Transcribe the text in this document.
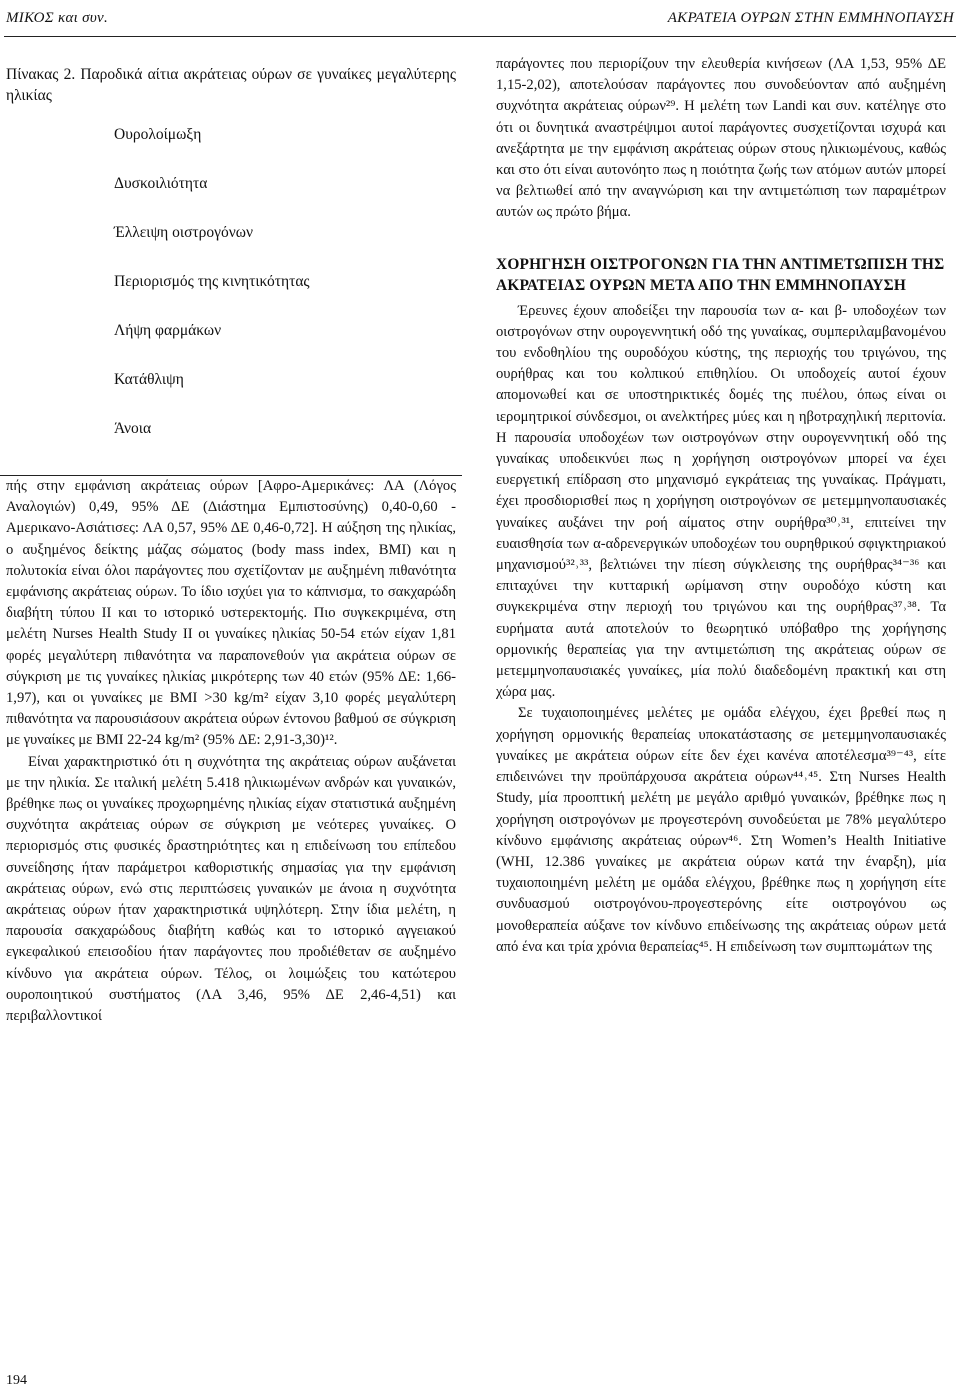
ΜΙΚΟΣ και συν.	ΑΚΡΑΤΕΙΑ ΟΥΡΩΝ ΣΤΗΝ ΕΜΜΗΝΟΠΑΥΣΗ
Πίνακας 2. Παροδικά αίτια ακράτειας ούρων σε γυναίκες μεγαλύτερης ηλικίας
Ουρολοίμωξη
Δυσκοιλιότητα
Έλλειψη οιστρογόνων
Περιορισμός της κινητικότητας
Λήψη φαρμάκων
Κατάθλιψη
Άνοια

πής στην εμφάνιση ακράτειας ούρων [Αφρο-Αμερικάνες: ΛΑ (Λόγος Αναλογιών) 0,49, 95% ΔΕ (Διάστημα Εμπιστοσύνης) 0,40-0,60 - Αμερικανο-Ασιάτισες: ΛΑ 0,57, 95% ΔΕ 0,46-0,72]. Η αύξηση της ηλικίας, ο αυξημένος δείκτης μάζας σώματος (body mass index, BMI) και η πολυτοκία είναι όλοι παράγοντες που σχετίζονταν με αυξημένη πιθανότητα εμφάνισης ακράτειας ούρων. Το ίδιο ισχύει για το κάπνισμα, το σακχαρώδη διαβήτη τύπου ΙΙ και το ιστορικό υστερεκτομής. Πιο συγκεκριμένα, στη μελέτη Nurses Health Study II οι γυναίκες ηλικίας 50-54 ετών είχαν 1,81 φορές μεγαλύτερη πιθανότητα να παραπονεθούν για ακράτεια ούρων σε σύγκριση με τις γυναίκες ηλικίας μικρότερης των 40 ετών (95% ΔΕ: 1,66-1,97), και οι γυναίκες με BMI >30 kg/m² είχαν 3,10 φορές μεγαλύτερη πιθανότητα να παρουσιάσουν ακράτεια ούρων έντονου βαθμού σε σύγκριση με γυναίκες με BMI 22-24 kg/m² (95% ΔΕ: 2,91-3,30)¹².

Είναι χαρακτηριστικό ότι η συχνότητα της ακράτειας ούρων αυξάνεται με την ηλικία. Σε ιταλική μελέτη 5.418 ηλικιωμένων ανδρών και γυναικών, βρέθηκε πως οι γυναίκες προχωρημένης ηλικίας είχαν στατιστικά αυξημένη συχνότητα ακράτειας ούρων σε σύγκριση με νεότερες γυναίκες. Ο περιορισμός στις φυσικές δραστηριότητες και η επιδείνωση του επίπεδου συνείδησης ήταν παράμετροι καθοριστικής σημασίας για την εμφάνιση ακράτειας ούρων, ενώ στις περιπτώσεις γυναικών με άνοια η συχνότητα ακράτειας ούρων ήταν χαρακτηριστικά υψηλότερη. Στην ίδια μελέτη, η παρουσία σακχαρώδους διαβήτη καθώς και το ιστορικό αγγειακού εγκεφαλικού επεισοδίου ήταν παράγοντες που προδιέθεταν σε αυξημένο κίνδυνο για ακράτεια ούρων. Τέλος, οι λοιμώξεις του κατώτερου ουροποιητικού συστήματος (ΛΑ 3,46, 95% ΔΕ 2,46-4,51) και περιβαλλοντικοί

παράγοντες που περιορίζουν την ελευθερία κινήσεων (ΛΑ 1,53, 95% ΔΕ 1,15-2,02), αποτελούσαν παράγοντες που συνοδεύονταν από αυξημένη συχνότητα ακράτειας ούρων²⁹. Η μελέτη των Landi και συν. κατέληγε στο ότι οι δυνητικά αναστρέψιμοι αυτοί παράγοντες συσχετίζονται ισχυρά και ανεξάρτητα με την εμφάνιση ακράτειας ούρων στους ηλικιωμένους, καθώς και στο ότι είναι αυτονόητο πως η ποιότητα ζωής των ατόμων αυτών μπορεί να βελτιωθεί από την αναγνώριση και την αντιμετώπιση των παραμέτρων αυτών ως πρώτο βήμα.

ΧΟΡΗΓΗΣΗ ΟΙΣΤΡΟΓΟΝΩΝ ΓΙΑ ΤΗΝ ΑΝΤΙΜΕΤΩΠΙΣΗ ΤΗΣ ΑΚΡΑΤΕΙΑΣ ΟΥΡΩΝ ΜΕΤΑ ΑΠΟ ΤΗΝ ΕΜΜΗΝΟΠΑΥΣΗ

Έρευνες έχουν αποδείξει την παρουσία των α- και β- υποδοχέων των οιστρογόνων στην ουρογεννητική οδό της γυναίκας, συμπεριλαμβανομένου του ενδοθηλίου της ουροδόχου κύστης, της περιοχής του τριγώνου, της ουρήθρας και του κολπικού επιθηλίου. Οι υποδοχείς αυτοί έχουν απομονωθεί και σε υποστηρικτικές δομές της πυέλου, όπως είναι οι ιερομητρικοί σύνδεσμοι, οι ανελκτήρες μύες και η ηβοτραχηλική περιτονία. Η παρουσία υποδοχέων των οιστρογόνων στην ουρογεννητική οδό της γυναίκας υποδεικνύει πως η χορήγηση οιστρογόνων μπορεί να έχει ευεργετική επίδραση στο μηχανισμό εγκράτειας της γυναίκας. Πράγματι, έχει προσδιορισθεί πως η χορήγηση οιστρογόνων σε μετεμμηνοπαυσιακές γυναίκες αυξάνει την ροή αίματος στην ουρήθρα³⁰˒³¹, επιτείνει την ευαισθησία των α-αδρενεργικών υποδοχέων του ουρηθρικού σφιγκτηριακού μηχανισμού³²˒³³, βελτιώνει την πίεση σύγκλεισης της ουρήθρας³⁴⁻³⁶ και επιταχύνει την κυτταρική ωρίμανση στην ουροδόχο κύστη και συγκεκριμένα στην περιοχή του τριγώνου και της ουρήθρας³⁷˒³⁸. Τα ευρήματα αυτά αποτελούν το θεωρητικό υπόβαθρο της χορήγησης ορμονικής θεραπείας για την αντιμετώπιση της ακράτειας ούρων σε μετεμμηνοπαυσιακές γυναίκες, μία πολύ διαδεδομένη πρακτική και στη χώρα μας.

Σε τυχαιοποιημένες μελέτες με ομάδα ελέγχου, έχει βρεθεί πως η χορήγηση ορμονικής θεραπείας υποκατάστασης σε μετεμμηνοπαυσιακές γυναίκες με ακράτεια ούρων είτε δεν έχει κανένα αποτέλεσμα³⁹⁻⁴³, είτε επιδεινώνει την προϋπάρχουσα ακράτεια ούρων⁴⁴˒⁴⁵. Στη Nurses Health Study, μία προοπτική μελέτη με μεγάλο αριθμό γυναικών, βρέθηκε πως η χορήγηση οιστρογόνων με προγεστερόνη συνοδεύεται με 78% μεγαλύτερο κίνδυνο εμφάνισης ακράτειας ούρων⁴⁶. Στη Women’s Health Initiative (WHI, 12.386 γυναίκες με ακράτεια ούρων κατά την έναρξη), μία τυχαιοποιημένη μελέτη με ομάδα ελέγχου, βρέθηκε πως η χορήγηση είτε συνδυασμού οιστρογόνου-προγεστερόνης είτε οιστρογόνου ως μονοθεραπεία αύξανε τον κίνδυνο επιδείνωσης της ακράτειας ούρων μετά από ένα και τρία χρόνια θεραπείας⁴⁵. Η επιδείνωση των συμπτωμάτων της

194
